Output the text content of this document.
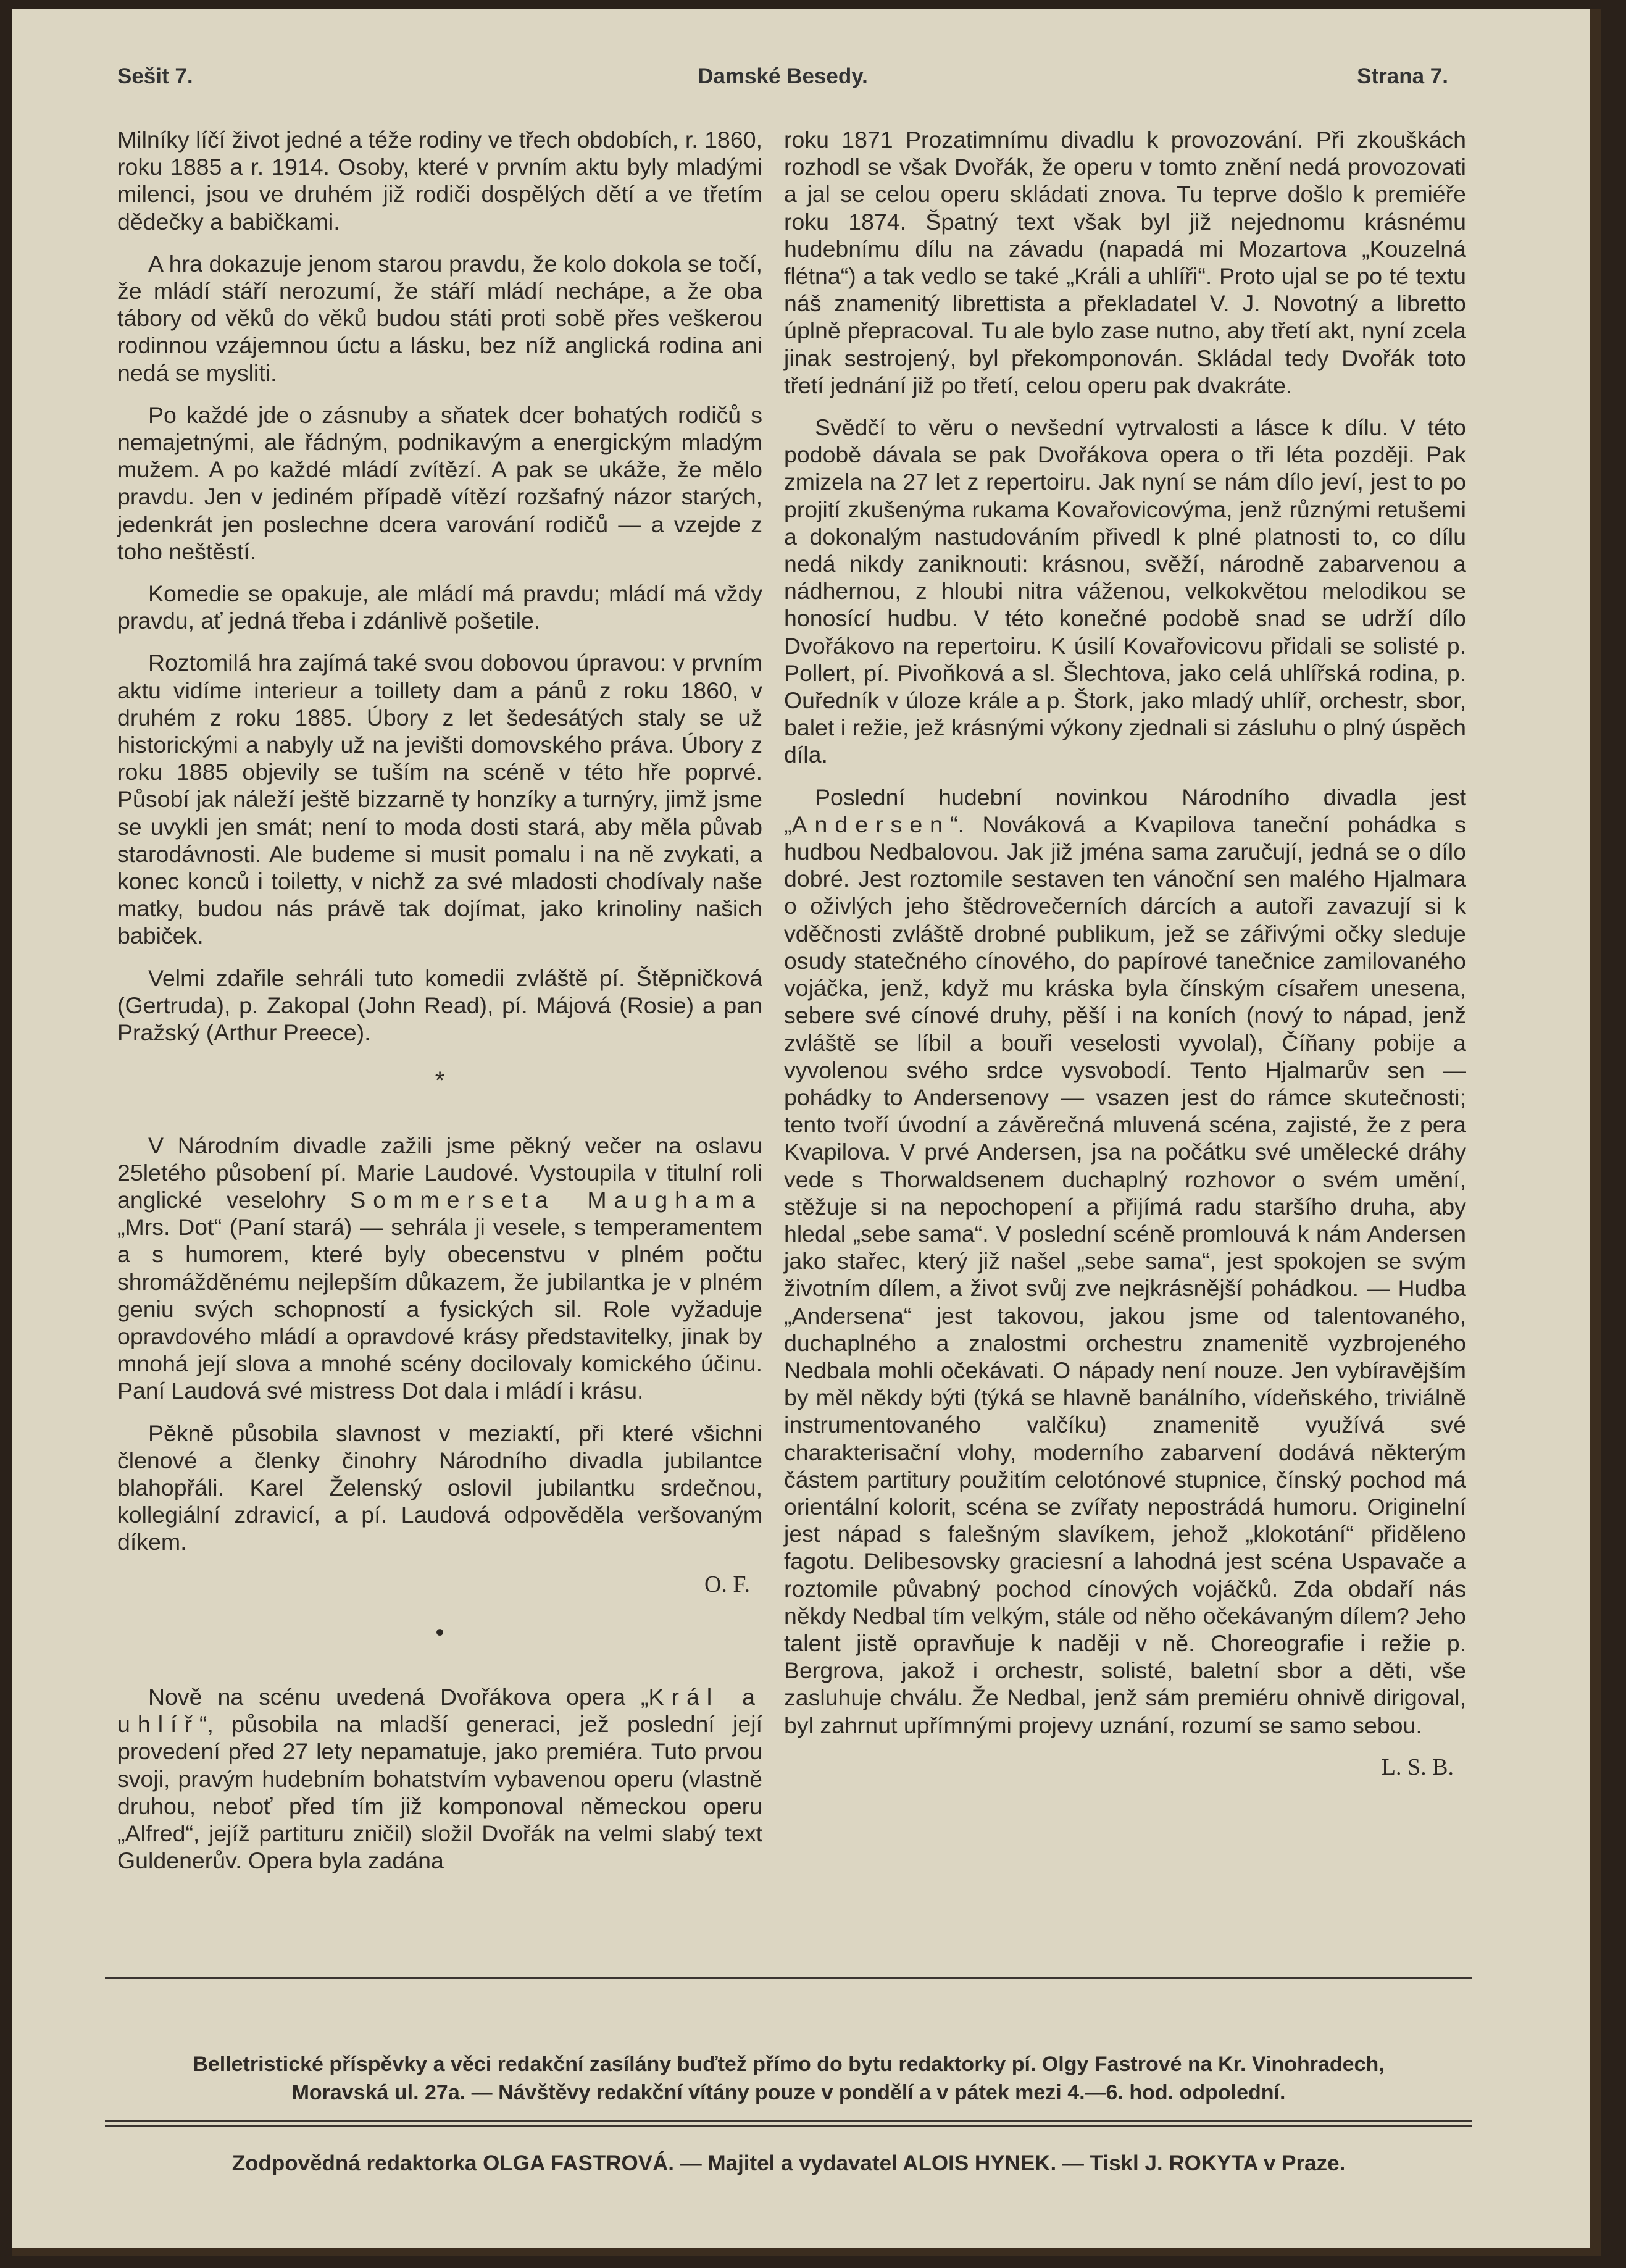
Sešit 7.	Damské Besedy.	Strana 7.

Milníky líčí život jedné a téže rodiny ve třech obdobích, r. 1860, roku 1885 a r. 1914. Osoby, které v prvním aktu byly mladými milenci, jsou ve druhém již rodiči dospělých dětí a ve třetím dědečky a babičkami.

A hra dokazuje jenom starou pravdu, že kolo dokola se točí, že mládí stáří nerozumí, že stáří mládí nechápe, a že oba tábory od věků do věků budou státi proti sobě přes veškerou rodinnou vzájemnou úctu a lásku, bez níž anglická rodina ani nedá se mysliti.

Po každé jde o zásnuby a sňatek dcer bohatých rodičů s nemajetnými, ale řádným, podnikavým a energickým mladým mužem. A po každé mládí zvítězí. A pak se ukáže, že mělo pravdu. Jen v jediném případě vítězí rozšafný názor starých, jedenkrát jen poslechne dcera varování rodičů — a vzejde z toho neštěstí.

Komedie se opakuje, ale mládí má pravdu; mládí má vždy pravdu, ať jedná třeba i zdánlivě pošetile.

Roztomilá hra zajímá také svou dobovou úpravou: v prvním aktu vidíme interieur a toillety dam a pánů z roku 1860, v druhém z roku 1885. Úbory z let šedesátých staly se už historickými a nabyly už na jevišti domovského práva. Úbory z roku 1885 objevily se tuším na scéně v této hře poprvé. Působí jak náleží ještě bizzarně ty honzíky a turnýry, jimž jsme se uvykli jen smát; není to moda dosti stará, aby měla půvab starodávnosti. Ale budeme si musit pomalu i na ně zvykati, a konec konců i toiletty, v nichž za své mladosti chodívaly naše matky, budou nás právě tak dojímat, jako krinoliny našich babiček.

Velmi zdařile sehráli tuto komedii zvláště pí. Štěpničková (Gertruda), p. Zakopal (John Read), pí. Májová (Rosie) a pan Pražský (Arthur Preece).

*

V Národním divadle zažili jsme pěkný večer na oslavu 25letého působení pí. Marie Laudové. Vystoupila v titulní roli anglické veselohry Sommerseta Maughama „Mrs. Dot“ (Paní stará) — sehrála ji vesele, s temperamentem a s humorem, které byly obecenstvu v plném počtu shromážděnému nejlepším důkazem, že jubilantka je v plném geniu svých schopností a fysických sil. Role vyžaduje opravdového mládí a opravdové krásy představitelky, jinak by mnohá její slova a mnohé scény docilovaly komického účinu. Paní Laudová své mistress Dot dala i mládí i krásu.

Pěkně působila slavnost v meziaktí, při které všichni členové a členky činohry Národního divadla jubilantce blahopřáli. Karel Želenský oslovil jubilantku srdečnou, kollegiální zdravicí, a pí. Laudová odpověděla veršovaným díkem.

O. F.
•

Nově na scénu uvedená Dvořákova opera „Král a uhlíř“, působila na mladší generaci, jež poslední její provedení před 27 lety nepamatuje, jako premiéra. Tuto prvou svoji, pravým hudebním bohatstvím vybavenou operu (vlastně druhou, neboť před tím již komponoval německou operu „Alfred“, jejíž partituru zničil) složil Dvořák na velmi slabý text Guldenerův. Opera byla zadána

roku 1871 Prozatimnímu divadlu k provozování. Při zkouškách rozhodl se však Dvořák, že operu v tomto znění nedá provozovati a jal se celou operu skládati znova. Tu teprve došlo k premiéře roku 1874. Špatný text však byl již nejednomu krásnému hudebnímu dílu na závadu (napadá mi Mozartova „Kouzelná flétna“) a tak vedlo se také „Králi a uhlíři“. Proto ujal se po té textu náš znamenitý librettista a překladatel V. J. Novotný a libretto úplně přepracoval. Tu ale bylo zase nutno, aby třetí akt, nyní zcela jinak sestrojený, byl překomponován. Skládal tedy Dvořák toto třetí jednání již po třetí, celou operu pak dvakráte.

Svědčí to věru o nevšední vytrvalosti a lásce k dílu. V této podobě dávala se pak Dvořákova opera o tři léta později. Pak zmizela na 27 let z repertoiru. Jak nyní se nám dílo jeví, jest to po projití zkušenýma rukama Kovařovicovýma, jenž různými retušemi a dokonalým nastudováním přivedl k plné platnosti to, co dílu nedá nikdy zaniknouti: krásnou, svěží, národně zabarvenou a nádhernou, z hloubi nitra váženou, velkokvětou melodikou se honosící hudbu. V této konečné podobě snad se udrží dílo Dvořákovo na repertoiru. K úsilí Kovařovicovu přidali se solisté p. Pollert, pí. Pivoňková a sl. Šlechtova, jako celá uhlířská rodina, p. Ouředník v úloze krále a p. Štork, jako mladý uhlíř, orchestr, sbor, balet i režie, jež krásnými výkony zjednali si zásluhu o plný úspěch díla.

Poslední hudební novinkou Národního divadla jest „Andersen“. Nováková a Kvapilova taneční pohádka s hudbou Nedbalovou. Jak již jména sama zaručují, jedná se o dílo dobré. Jest roztomile sestaven ten vánoční sen malého Hjalmara o oživlých jeho štědrovečerních dárcích a autoři zavazují si k vděčnosti zvláště drobné publikum, jež se zářivými očky sleduje osudy statečného cínového, do papírové tanečnice zamilovaného vojáčka, jenž, když mu kráska byla čínským císařem unesena, sebere své cínové druhy, pěší i na koních (nový to nápad, jenž zvláště se líbil a bouři veselosti vyvolal), Číňany pobije a vyvolenou svého srdce vysvobodí. Tento Hjalmarův sen — pohádky to Andersenovy — vsazen jest do rámce skutečnosti; tento tvoří úvodní a závěrečná mluvená scéna, zajisté, že z pera Kvapilova. V prvé Andersen, jsa na počátku své umělecké dráhy vede s Thorwaldsenem duchaplný rozhovor o svém umění, stěžuje si na nepochopení a přijímá radu staršího druha, aby hledal „sebe sama“. V poslední scéně promlouvá k nám Andersen jako stařec, který již našel „sebe sama“, jest spokojen se svým životním dílem, a život svůj zve nejkrásnější pohádkou. — Hudba „Andersena“ jest takovou, jakou jsme od talentovaného, duchaplného a znalostmi orchestru znamenitě vyzbrojeného Nedbala mohli očekávati. O nápady není nouze. Jen vybíravějším by měl někdy býti (týká se hlavně banálního, vídeňského, triviálně instrumentovaného valčíku) znamenitě využívá své charakterisační vlohy, moderního zabarvení dodává některým částem partitury použitím celotónové stupnice, čínský pochod má orientální kolorit, scéna se zvířaty nepostrádá humoru. Originelní jest nápad s falešným slavíkem, jehož „klokotání“ přiděleno fagotu. Delibesovsky graciesní a lahodná jest scéna Uspavače a roztomile půvabný pochod cínových vojáčků. Zda obdaří nás někdy Nedbal tím velkým, stále od něho očekávaným dílem? Jeho talent jistě opravňuje k naději v ně. Choreografie i režie p. Bergrova, jakož i orchestr, solisté, baletní sbor a děti, vše zasluhuje chválu. Že Nedbal, jenž sám premiéru ohnivě dirigoval, byl zahrnut upřímnými projevy uznání, rozumí se samo sebou.

L. S. B.
Belletristické příspěvky a věci redakční zasílány buďtež přímo do bytu redaktorky pí. Olgy Fastrové na Kr. Vinohradech,
Moravská ul. 27a. — Návštěvy redakční vítány pouze v pondělí a v pátek mezi 4.—6. hod. odpolední.
Zodpovědná redaktorka OLGA FASTROVÁ. — Majitel a vydavatel ALOIS HYNEK. — Tiskl J. ROKYTA v Praze.
